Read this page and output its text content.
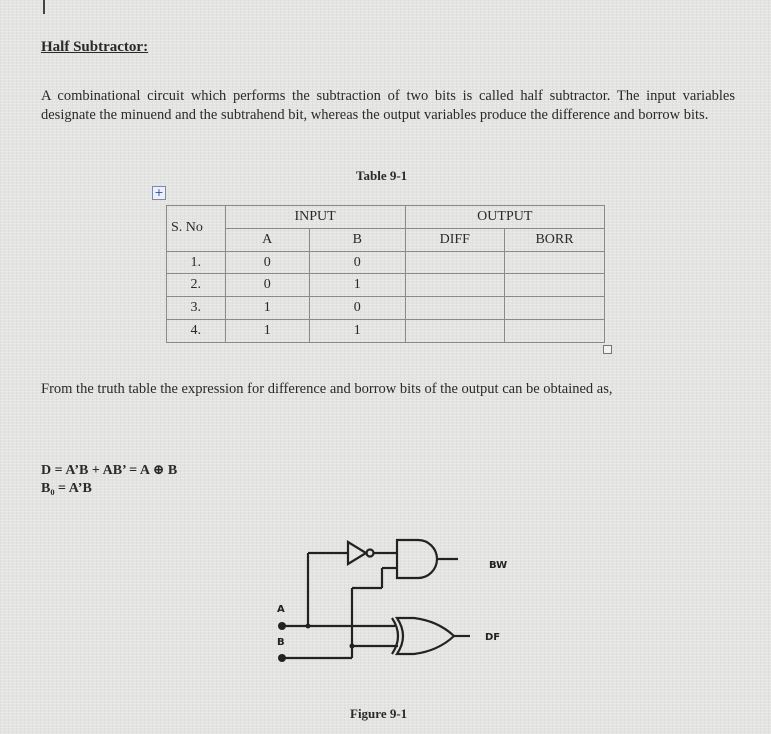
Half Subtractor:
A combinational circuit which performs the subtraction of two bits is called half subtractor. The input variables designate the minuend and the subtrahend bit, whereas the output variables produce the difference and borrow bits.
Table 9-1
+
S. No	INPUT		OUTPUT	
	A	B	DIFF	BORR
1.	0	0		
2.	0	1		
3.	1	0		
4.	1	1		
From the truth table the expression for difference and borrow bits of the output can be obtained as,
D = A’B + AB’ = A ⊕ B
B₀ = A’B
A
B
BW
DF
Figure 9-1
